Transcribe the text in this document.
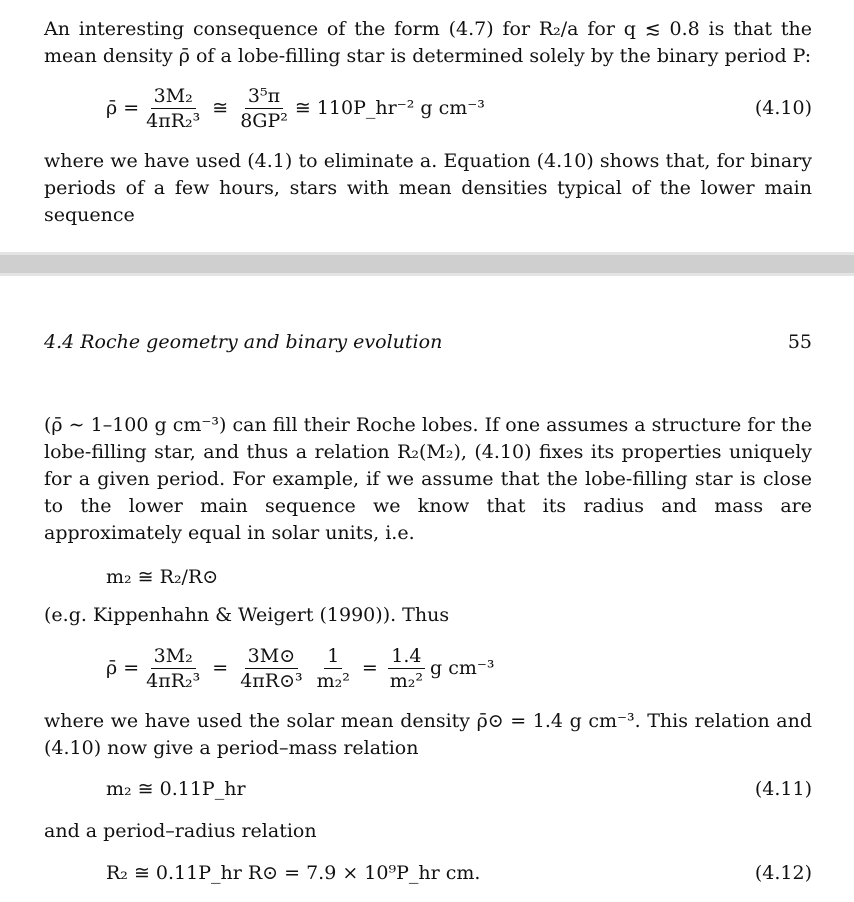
An interesting consequence of the form (4.7) for R₂/a for q ≲ 0.8 is that the mean density ρ̄ of a lobe-filling star is determined solely by the binary period P:

ρ̄ = $\frac{\text{3M₂}}{\text{4πR₂³}}$ ≅ $\frac{\text{3⁵π}}{\text{8GP²}}$ ≅ 110P_hr⁻² g cm⁻³	(4.10)

where we have used (4.1) to eliminate a. Equation (4.10) shows that, for binary periods of a few hours, stars with mean densities typical of the lower main sequence

4.4 Roche geometry and binary evolution	55

(ρ̄ ∼ 1–100 g cm⁻³) can fill their Roche lobes. If one assumes a structure for the lobe-filling star, and thus a relation R₂(M₂), (4.10) fixes its properties uniquely for a given period. For example, if we assume that the lobe-filling star is close to the lower main sequence we know that its radius and mass are approximately equal in solar units, i.e.

m₂ ≅ R₂/R⊙

(e.g. Kippenhahn & Weigert (1990)). Thus

ρ̄ = $\frac{\text{3M₂}}{\text{4πR₂³}} = \frac{3M⊙}{\text{4πR⊙³}} \frac{1}{\text{m₂²}} = \frac{1.4}{\text{m₂²}}$ g cm⁻³

where we have used the solar mean density ρ̄⊙ = 1.4 g cm⁻³. This relation and (4.10) now give a period–mass relation

m₂ ≅ 0.11P_hr	(4.11)

and a period–radius relation

R₂ ≅ 0.11P_hr R⊙ = 7.9 × 10⁹P_hr cm.	(4.12)
